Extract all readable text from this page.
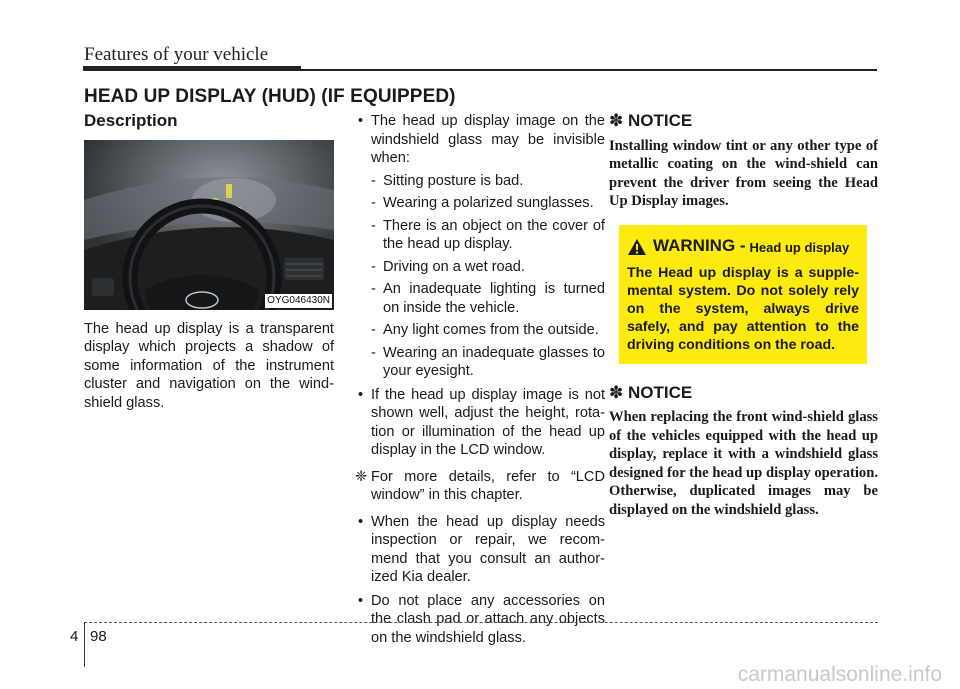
Features of your vehicle
HEAD UP DISPLAY (HUD) (IF EQUIPPED)
Description
60
OYG046430N

The head up display is a transparent display which projects a shadow of some information of the instrument cluster and navigation on the wind-shield glass.

• The head up display image on the windshield glass may be invisible when:

- Sitting posture is bad.
- Wearing a polarized sunglasses.
- There is an object on the cover of the head up display.
- Driving on a wet road.
- An inadequate lighting is turned on inside the vehicle.
- Any light comes from the outside.
- Wearing an inadequate glasses to your eyesight.

• If the head up display image is not shown well, adjust the height, rota-tion or illumination of the head up display in the LCD window.

❈ For more details, refer to “LCD window” in this chapter.

• When the head up display needs inspection or repair, we recom-mend that you consult an author-ized Kia dealer.

• Do not place any accessories on the clash pad or attach any objects on the windshield glass.

✽ NOTICE

Installing window tint or any other type of metallic coating on the wind-shield can prevent the driver from seeing the Head Up Display images.

WARNING - Head up display
The Head up display is a supple-mental system. Do not solely rely on the system, always drive safely, and pay attention to the driving conditions on the road.
✽ NOTICE

When replacing the front wind-shield glass of the vehicles equipped with the head up display, replace it with a windshield glass designed for the head up display operation. Otherwise, duplicated images may be displayed on the windshield glass.

4 98
carmanualsonline.info
